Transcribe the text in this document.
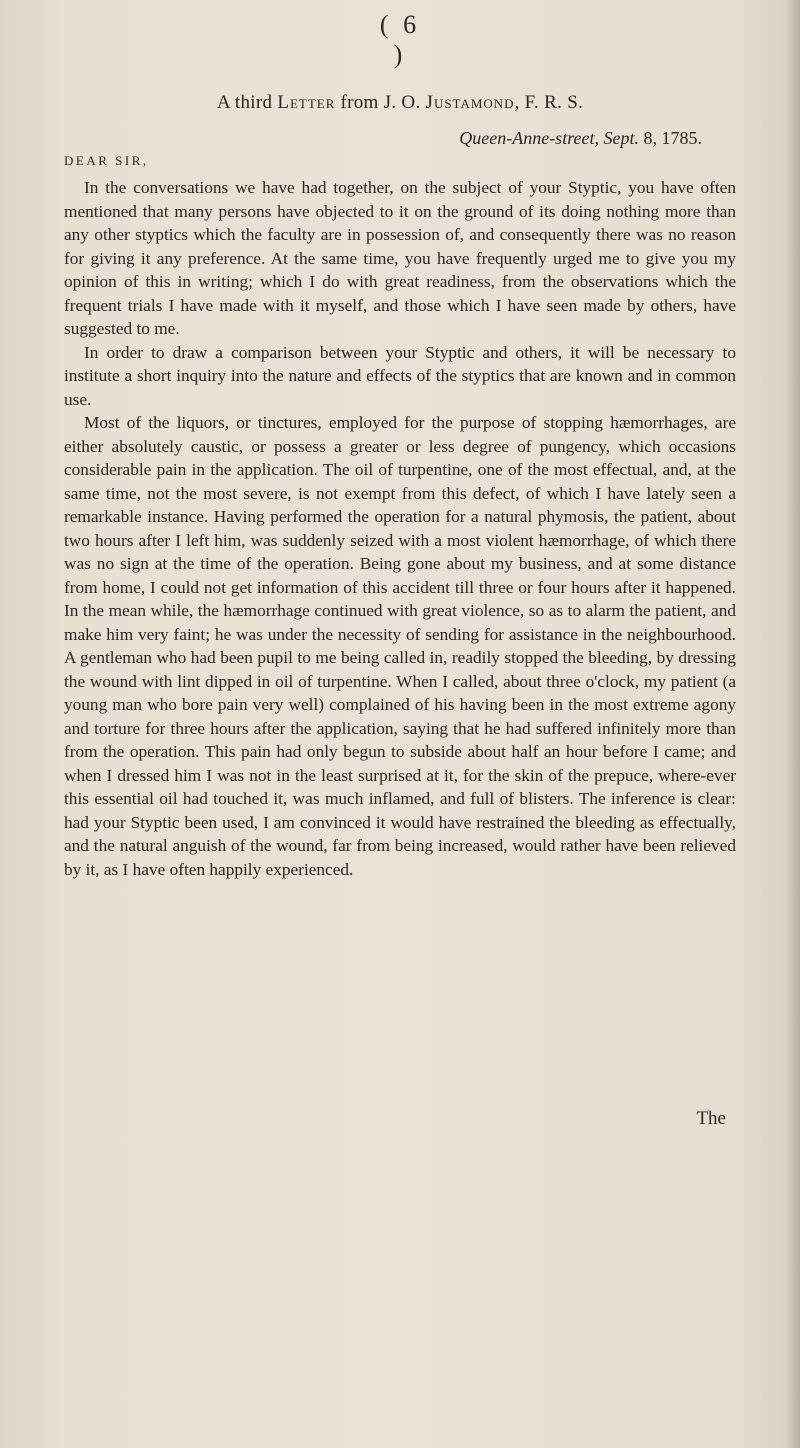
( 6 )
A third Letter from J. O. Justamond, F. R. S.
Queen-Anne-street, Sept. 8, 1785.
DEAR SIR,

In the conversations we have had together, on the subject of your Styptic, you have often mentioned that many persons have objected to it on the ground of its doing nothing more than any other styptics which the faculty are in possession of, and consequently there was no reason for giving it any preference. At the same time, you have frequently urged me to give you my opinion of this in writing; which I do with great readiness, from the observations which the frequent trials I have made with it myself, and those which I have seen made by others, have suggested to me.

In order to draw a comparison between your Styptic and others, it will be necessary to institute a short inquiry into the nature and effects of the styptics that are known and in common use.

Most of the liquors, or tinctures, employed for the purpose of stopping hæmorrhages, are either absolutely caustic, or possess a greater or less degree of pungency, which occasions considerable pain in the application. The oil of turpentine, one of the most effectual, and, at the same time, not the most severe, is not exempt from this defect, of which I have lately seen a remarkable instance. Having performed the operation for a natural phymosis, the patient, about two hours after I left him, was suddenly seized with a most violent hæmorrhage, of which there was no sign at the time of the operation. Being gone about my business, and at some distance from home, I could not get information of this accident till three or four hours after it happened. In the mean while, the hæmorrhage continued with great violence, so as to alarm the patient, and make him very faint; he was under the necessity of sending for assistance in the neighbourhood. A gentleman who had been pupil to me being called in, readily stopped the bleeding, by dressing the wound with lint dipped in oil of turpentine. When I called, about three o'clock, my patient (a young man who bore pain very well) complained of his having been in the most extreme agony and torture for three hours after the application, saying that he had suffered infinitely more than from the operation. This pain had only begun to subside about half an hour before I came; and when I dressed him I was not in the least surprised at it, for the skin of the prepuce, where-ever this essential oil had touched it, was much inflamed, and full of blisters. The inference is clear: had your Styptic been used, I am convinced it would have restrained the bleeding as effectually, and the natural anguish of the wound, far from being increased, would rather have been relieved by it, as I have often happily experienced.

The
